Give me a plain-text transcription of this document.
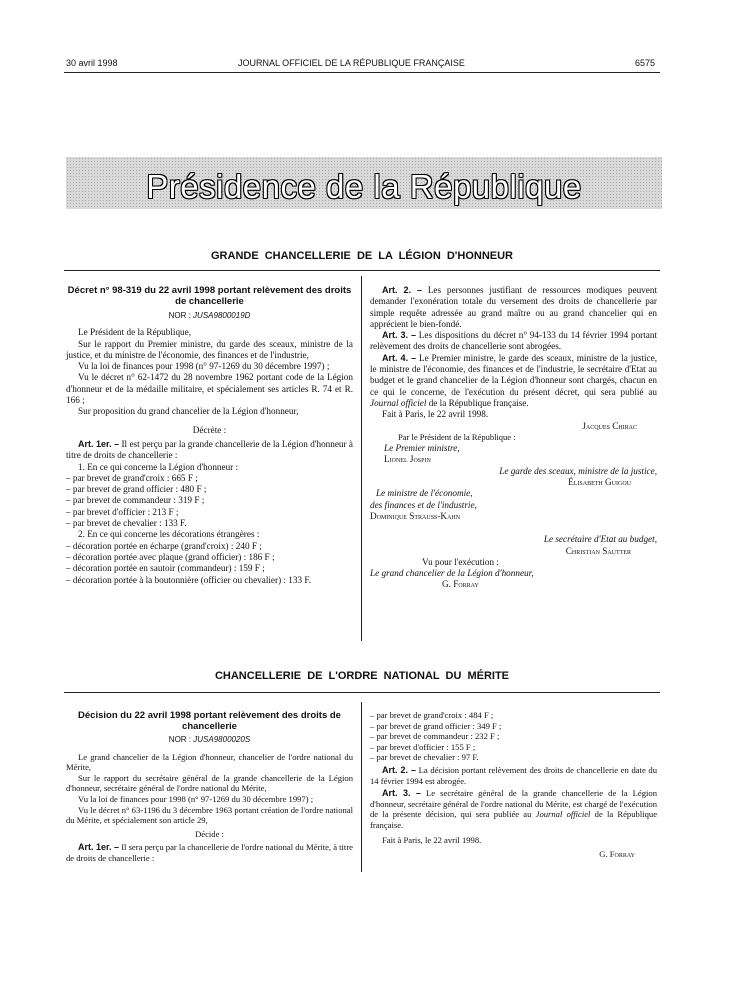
30 avril 1998	JOURNAL OFFICIEL DE LA RÉPUBLIQUE FRANÇAISE	6575
Présidence de la République
GRANDE CHANCELLERIE DE LA LÉGION D'HONNEUR
Décret n° 98-319 du 22 avril 1998 portant relèvement des droits de chancellerie
NOR : JUSA9800019D

Le Président de la République,

Sur le rapport du Premier ministre, du garde des sceaux, ministre de la justice, et du ministre de l'économie, des finances et de l'industrie,

Vu la loi de finances pour 1998 (n° 97-1269 du 30 décembre 1997) ;

Vu le décret n° 62-1472 du 28 novembre 1962 portant code de la Légion d'honneur et de la médaille militaire, et spécialement ses articles R. 74 et R. 166 ;

Sur proposition du grand chancelier de la Légion d'honneur,

Décrète :

Art. 1er. – Il est perçu par la grande chancellerie de la Légion d'honneur à titre de droits de chancellerie :

1. En ce qui concerne la Légion d'honneur :

– par brevet de grand'croix : 665 F ;

– par brevet de grand officier : 480 F ;

– par brevet de commandeur : 319 F ;

– par brevet d'officier : 213 F ;

– par brevet de chevalier : 133 F.

2. En ce qui concerne les décorations étrangères :

– décoration portée en écharpe (grand'croix) : 240 F ;

– décoration portée avec plaque (grand officier) : 186 F ;

– décoration portée en sautoir (commandeur) : 159 F ;

– décoration portée à la boutonnière (officier ou chevalier) : 133 F.

Art. 2. – Les personnes justifiant de ressources modiques peuvent demander l'exonération totale du versement des droits de chancellerie par simple requête adressée au grand maître ou au grand chancelier qui en apprécient le bien-fondé.

Art. 3. – Les dispositions du décret n° 94-133 du 14 février 1994 portant relèvement des droits de chancellerie sont abrogées.

Art. 4. – Le Premier ministre, le garde des sceaux, ministre de la justice, le ministre de l'économie, des finances et de l'industrie, le secrétaire d'Etat au budget et le grand chancelier de la Légion d'honneur sont chargés, chacun en ce qui le concerne, de l'exécution du présent décret, qui sera publié au Journal officiel de la République française.

Fait à Paris, le 22 avril 1998.

Jacques Chirac

Par le Président de la République :

Le Premier ministre,

Lionel Jospin

Le garde des sceaux, ministre de la justice,

Élisabeth Guigou

Le ministre de l'économie,

des finances et de l'industrie,

Dominique Strauss-Kahn

Le secrétaire d'Etat au budget,

Christian Sautter

Vu pour l'exécution :

Le grand chancelier de la Légion d'honneur,

G. Forray

CHANCELLERIE DE L'ORDRE NATIONAL DU MÉRITE
Décision du 22 avril 1998 portant relèvement des droits de chancellerie
NOR : JUSA9800020S

Le grand chancelier de la Légion d'honneur, chancelier de l'ordre national du Mérite,

Sur le rapport du secrétaire général de la grande chancellerie de la Légion d'honneur, secrétaire général de l'ordre national du Mérite,

Vu la loi de finances pour 1998 (n° 97-1269 du 30 décembre 1997) ;

Vu le décret n° 63-1196 du 3 décembre 1963 portant création de l'ordre national du Mérite, et spécialement son article 29,

Décide :

Art. 1er. – Il sera perçu par la chancellerie de l'ordre national du Mérite, à titre de droits de chancellerie :

– par brevet de grand'croix : 484 F ;

– par brevet de grand officier : 349 F ;

– par brevet de commandeur : 232 F ;

– par brevet d'officier : 155 F ;

– par brevet de chevalier : 97 F.

Art. 2. – La décision portant relèvement des droits de chancellerie en date du 14 février 1994 est abrogée.

Art. 3. – Le secrétaire général de la grande chancellerie de la Légion d'honneur, secrétaire général de l'ordre national du Mérite, est chargé de l'exécution de la présente décision, qui sera publiée au Journal officiel de la République française.

Fait à Paris, le 22 avril 1998.

G. Forray
